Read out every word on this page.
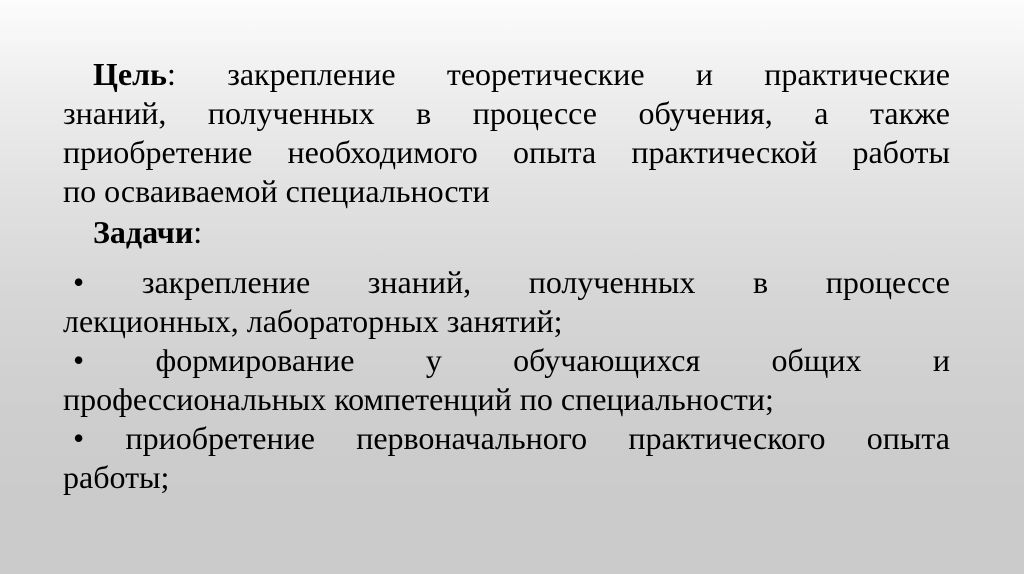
Цель: закрепление теоретические и практические
знаний, полученных в процессе обучения, а также
приобретение необходимого опыта практической работы
по осваиваемой специальности
Задачи:
• закрепление знаний, полученных в процессе
лекционных, лабораторных занятий;
• формирование у обучающихся общих и
профессиональных компетенций по специальности;
• приобретение первоначального практического опыта
работы;
